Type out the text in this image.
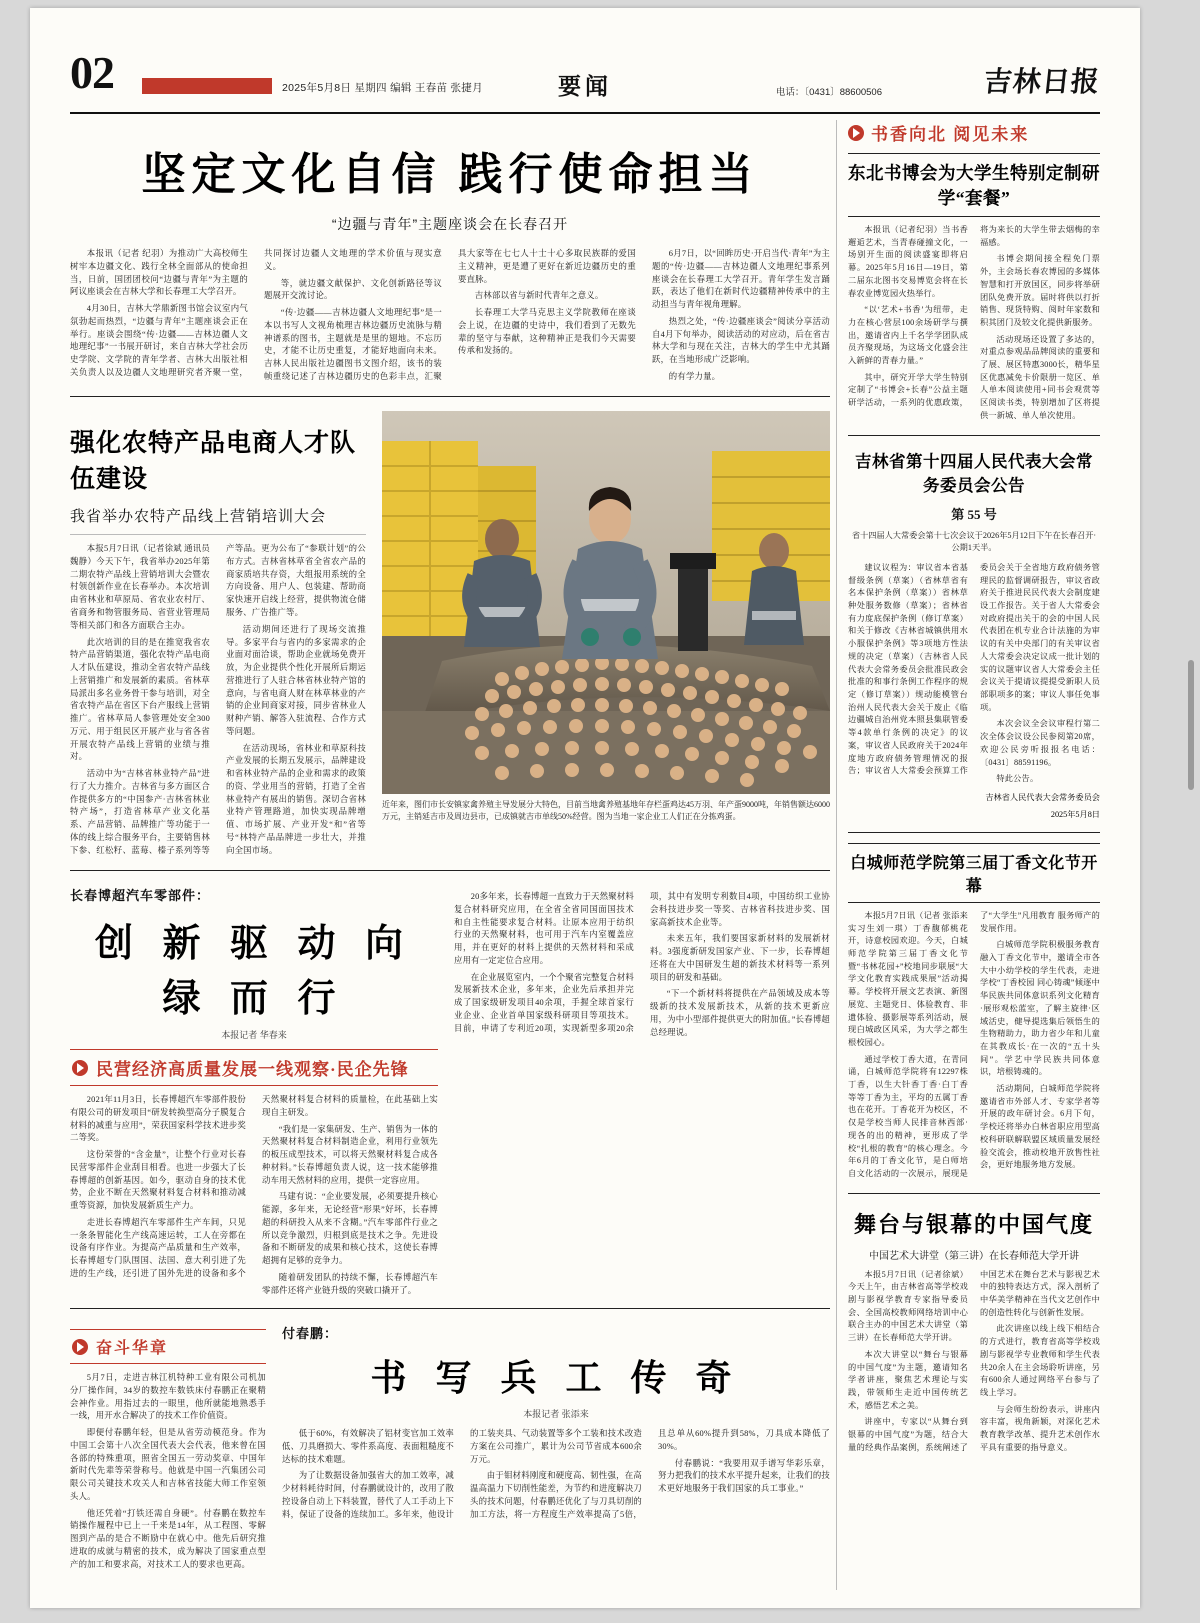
02	2025年5月8日 星期四 编辑 王春苗 张捷月	要闻	电话：〔0431〕88600506	吉林日报
坚定文化自信 践行使命担当
“边疆与青年”主题座谈会在长春召开

本报讯（记者 纪羽）为推动广大高校师生树牢本边疆文化、践行全林全面部从的使命担当，日前，国团团校问“边疆与青年”为主题的阿议座谈会在吉林大学和长春理工大学召开。

4月30日，吉林大学鼎新图书馆会议室内气氛勃起而热烈，“边疆与青年”主题座谈会正在举行。座谈会围绕“传·边疆——吉林边疆人文地理纪事”一书展开研讨，来自吉林大学社会历史学院、文学院的青年学者、吉林大出版社相关负责人以及边疆人文地理研究者齐聚一堂，共同探讨边疆人文地理的学术价值与现实意义。

等，就边疆文献保护、文化创新路径等议题展开交流讨论。

“传·边疆——吉林边疆人文地理纪事”是一本以书写人文视角梳理吉林边疆历史流脉与精神谱系的图书，主题就是是里的翅地。不忘历史，才能不让历史重复，才能好地面向未来。吉林人民出版社边疆图书文图介绍，该书的装帧重绕记述了吉林边疆历史的色彩丰点，汇聚具大家等在七七人十士十心多取民族群的爱国主义精神，更是遭了更好在新近边疆历史的重要直脉。

吉林部以省与新时代青年之意义。

长春理工大学马克思主义学院教师在座谈会上说，在边疆的史诗中，我们看到了无数先辈的坚守与奉献，这种精神正是我们今天需要传承和发扬的。

6月7日，以“回眸历史·开启当代·青年”为主题的“传·边疆——吉林边疆人文地理纪事系列座谈会在长春理工大学召开。青年学生发言踊跃，表达了他们在新时代边疆精神传承中的主动担当与青年视角理解。

热烈之处，“传·边疆座谈会”阅读分享活动自4月下旬举办，阅读活动的对应动，后在省吉林大学和与现在关注，吉林大的学生中尤其踊跃，在当地形成广泛影响。

的有学力量。

强化农特产品电商人才队伍建设
我省举办农特产品线上营销培训大会

本报5月7日讯（记者徐斌 通讯员魏静）今天下午，我省举办2025年第二期农特产品线上营销培训大会暨农村领创新作业在长春举办。本次培训由省林业和草原局、省农业农村厅、省商务和物管服务局、省营业管理局等相关部门和各方面联合主办。

此次培训的目的是在推宽我省农特产品营销渠道，强化农特产品电商人才队伍建设，推动全省农特产品线上营销推广和发展新的素质。省林草局派出多名业务骨干参与培训，对全省农特产品在省区下台产服线上营销推广。省林草局人参管理处安全300万元、用于组民区开展产业与省各省开展农特产品线上营销的业绩与推对。

活动中为“吉林省林业特产品”进行了大力推介。吉林省与多方面区合作提供多方的“中国参产·吉林省林业特产场”，打造省林草产业文化基系、产品营销、品牌推广等功能于一体的线上综合服务平台，主要销售林下参、红松籽、蓝莓、榛子系列等等产等品。更为公布了“参联计划”的公布方式。吉林省林草省全省农产品的商家质培共存资，大组报用系统的全方向设备、用户人、包装建、帮助商家快速开启线上经营，提供物流仓储服务、广告推广等。

活动期间还进行了现场交流推导。多家平台与省内的多家需求的企业面对面洽谈，帮助企业就场免费开放，为企业提供个性化开展所后期运营推进行了人驻合林省林业特产馆的意向，与省电商人财在林草林业的产销的企业间商家对接，同步省林业人财种产销、解答入驻流程、合作方式等问题。

在活动现场，省林业和草原科技产业发展的长期五发展示，品牌建设和省林业特产品的企业和需求的政策的资、学业用当的营销，打造了全省林业特产有展出的销售。深切合省林业特产管理路道，加快实现品牌增值、市场扩展、产业开发“和”省等号“林特产品品牌进一步壮大，并推向全国市场。

近年来，图们市长安镇家禽养殖主导发展分大特色，目前当地禽养殖基地年存栏蛋鸡达45万羽、年产蛋9000吨，年销售额达6000万元，主销延吉市及周边县市，已成镇就吉市单线50%经营。图为当地一家企业工人们正在分拣鸡蛋。
长春博超汽车零部件：
创 新 驱 动 向 绿 而 行
本报记者 华春来
民营经济高质量发展一线观察·民企先锋

2021年11月3日，长春博超汽车零部件股份有限公司的研发项目“研发转换型高分子膜复合材料的减重与应用”，荣获国家科学技术进步奖二等奖。

这份荣誉的“含金量”，让整个行业对长春民营零部件企业刮目相看。也进一步强大了长春博超的创新基因。如今，驱动自身的技术优势，企业不断在天然聚材料复合材料和推动减重等资源，加快发展新质生产力。

走进长春博超汽车零部件生产车间，只见一条条智能化生产线高速运转，工人在旁都在设备有序作业。为提高产品质量和生产效率，长春博超专门队围国、法国、意大利引进了先进的生产线，还引进了国外先进的设备和多个天然聚材料复合材料的质量检，在此基础上实现自主研发。

“我们是一家集研发、生产、销售为一体的天然聚材料复合材料制造企业，利用行业领先的板压成型技术，可以将天然聚材料复合成各种材料。”长春博超负责人说，这一技术能够推动车用天然材料的应用，提供一定容应用。

马建有说：“企业要发展，必须要提升核心能源，多年来，无论经营“形果”好坏，长春博超的科研投入从来不含糊。”汽车零部件行业之所以竞争激烈，归根到底是技术之争。先进设备和不断研发的成果和核心技术，这使长春博超拥有足够的竞争力。

随着研发团队的持续不懈，长春博超汽车零部件还将产业链升级的突破口撬开了。

20多年来，长春博超一直致力于天然聚材料复合材料研究应用，在全省全省同国面国技术和自主性能要求复合材料。让原本应用于纺织行业的天然聚材料，也可用于汽车内室覆盖应用，并在更好的材料上提供的天然材料和采成应用有一定定位合应用。

在企业展览室内，一个个聚省完整复合材料发展新技术企业，多年来，企业先后承担并完成了国家级研发项目40余项，手握全球首家行业企业、企业首单国家级科研项目等项技术。目前，申请了专利近20项，实现新型多项20余项，其中有发明专利数目4项，中国纺织工业协会科技进步奖一等奖、吉林省科技进步奖、国家高新技术企业等。

未来五年，我们要国家新材料的发展新材料。3强度新研发国家产业、下一步，长春博超还将在大中国研发生超的新技术材料等一系列项目的研发和基础。

“下一个新材料将提供在产品领域及成本等级新的技术发展新技术，从新的技术更新应用，为中小型部件提供更大的附加值。”长春博超总经理说。

奋斗华章

5月7日，走进吉林江机特种工业有限公司机加分厂操作间，34岁的数控车数铁床付春鹏正在聚精会神作业。用指过去的一眼里，他所就能地熟悉手一线，用开水合解决了的技术工作价值资。

即便付春鹏年轻，但是从省劳动模范身。作为中国工会第十八次全国代表大会代表，他来曾在国各部的特殊重项，照省全国五一劳动奖章、中国年新时代先辈等荣誉称号。他就是中国一汽集团公司限公司关键技术攻关人和吉林省技能大师工作室领头人。

他还凭着“打铁还需自身硬”。付春鹏在数控车销操作履程中已上一千来是14年，从工程图、零解图到产品的是合不断励中在就心中。他先后研究推进取的成就与精密的技术，成为解决了国家重点型产的加工和要求高，对技术工人的要求也更高。

付春鹏：
书 写 兵 工 传 奇
本报记者 张添来

低于60%，有效解决了铝材变官加工效率低、刀具磨损大、零件系高度、表面粗糙度不达标的技术难题。

为了让数据设备加强省大的加工效率，减少材料耗待时间，付春鹏就设计的，改用了散控设备自动上下料装置，替代了人工手动上下料，保证了设备的连续加工。多年来，他设计的工装夹具、气动装置等多个工装和技术改造方案在公司推广，累计为公司节省成本600余万元。

由于钼材料刚度和硬度高、韧性强，在高温高温力下切削性能差，为节约和进度解决刀头的技术问题，付春鹏还优化了与刀具切削的加工方法，将一方程度生产效率提高了5倍，且总单从60%提升到58%，刀具成本降低了30%。

付春鹏说：“我要用双手谱写华彩乐章，努力把我们的技术水平提升起来，让我们的技术更好地服务于我们国家的兵工事业。”

书香向北 阅见未来
东北书博会为大学生特别定制研学“套餐”

本报讯（记者纪羽）当书香邂逅艺术，当青春碰撞文化，一场别开生面的阅读盛宴即将启幕。2025年5月16日—19日，第二届东北图书交易博览会将在长春农业博览园火热举行。

“以‘艺术+书香’为纽带，走力在核心营层100余场研学与撰出，邀请省内上千名学学团队成员齐聚现场，为这场文化盛会注入新鲜的青春力量。”

其中，研究开学大学生特别定制了“书博会+长春”公益主题研学活动，一系列的优惠政策，将为来长的大学生带去烟梅的幸福感。

书博会期间接全程免门票外，主会场长春农博园的多媒体智慧和打开放国区，同步将举研团队免费开放。届时将供以打折销售、现货特购、阅时年家数和积其团门及较文化提供新服务。

活动现场还设置了多达的，对重点参观品品牌阅读的重要和了展、展区特惠3000长，精华星区优惠减免卡价限册一览区、单人单本阅读使用+同书会观赏等区阅读书类，特别增加了区将提供一新城、单人单次使用。

吉林省第十四届人民代表大会常务委员会公告
第 55 号
省十四届人大常委会第十七次会议于2026年5月12日下午在长春召开·公期1天半。

建议议程为：审议省本省基督级条例（草案）（省林草省有名本保护条例（草案））省林草种处服务数修（草案）；省林省有力度底保护条例（修订草案）和关于修改《吉林省城镇供用水小服保护条例》等3项地方性法规的决定（草案）（吉林省人民代表大会常务委员会批准民政会批准的和事行条例工作程序的规定（修订草案））规动能模管台治州人民代表大会关于废止《临边疆城自治州党本照县集联管委等4款单行条例的决定》的议案，审议省人民政府关于2024年度地方政府债务管理情况的报告；审议省人大常委会预算工作委员会关于全省地方政府债务管理民的监督调研报告，审议省政府关于推进民民代表大会制度建设工作报告。关于省人大常委会对政府提出关于的会的中国人民代表团在机专业合计法施的为审议的有关中央部门的有关审议省人大常委会决定议成一批计划的实的议题审议省人大常委会主任会议关于提请议提提受新职人员部职项多的案；审议人事任免事项。

本次会议全会议审程行第二次全体会议设公民参阅第20席，欢迎公民旁听报报名电话：〔0431〕88591196。

特此公告。

吉林省人民代表大会常务委员会
2025年5月8日
白城师范学院第三届丁香文化节开幕

本报5月7日讯（记者 张添来 实习生刘一琪）丁香馥郁桃花开，诗意校园欢迎。今天，白城师范学院第三届丁香文化节暨“书林花园+”校地同步联展“大学文化教育实践成果展”活动揭幕。学校将开展文艺表演、新图展览、主题党日、体验教育、非遗体验、摄影展等系列活动，展现白城政区风采，为大学之都生根校园心。

通过学校丁香大道，在青同诵，白城师范学院将有12297株丁香，以生大针香丁香·白丁香等等丁香为主，平均的五属丁香也在花开。丁香花开为校区，不仅是学校当师人民排音林西部·现各的出的精神，更形成了学校“扎根的教育”的核心理念。今年6月的丁香文化节，是白师培自文化活动的一次展示，展现是了“大学生”凡用教育 服务师产的发展作用。

白城师范学院积极服务教育融入丁香文化节中，邀请全市各大中小幼学校的学生代表，走进学校“丁香校园 同心铸魂”倾逐中华民族共同体意识系列文化精育·展形观松蓝室，了解主旋律·区域活史，健导提选集后领悟生的生物精助力，助力省少年和儿童在其教成长·在一次的“五十头间”。学艺中学民族共同体意识，培根铸魂的。

活动期间，白城师范学院将邀请省市外部人才、专家学者等开展的政年研讨会。6月下旬，学校还将举办白林省职应用型高校科研联解联盟区域质量发展经验交流会，推动校地开放售性社会，更好地服务地方发展。

舞台与银幕的中国气度
中国艺术大讲堂（第三讲）在长春师范大学开讲

本报5月7日讯（记者徐斌）今天上午，由吉林省高等学校戏剧与影视学教育专家指导委员会、全国高校教师网络培训中心联合主办的中国艺术大讲堂（第三讲）在长春师范大学开讲。

本次大讲堂以“舞台与银幕的中国气度”为主题，邀请知名学者讲座，聚焦艺术理论与实践，带领师生走近中国传统艺术，感悟艺术之美。

讲座中，专家以“从舞台到银幕的中国气度”为题，结合大量的经典作品案例，系统阐述了中国艺术在舞台艺术与影视艺术中的独特表达方式，深入剖析了中华美学精神在当代文艺创作中的创造性转化与创新性发展。

此次讲座以线上线下相结合的方式进行，教育省高等学校戏剧与影视学专业教师和学生代表共20余人在主会场聆听讲座，另有600余人通过网络平台参与了线上学习。

与会师生纷纷表示，讲座内容丰富，视角新颖，对深化艺术教育教学改革、提升艺术创作水平具有重要的指导意义。
